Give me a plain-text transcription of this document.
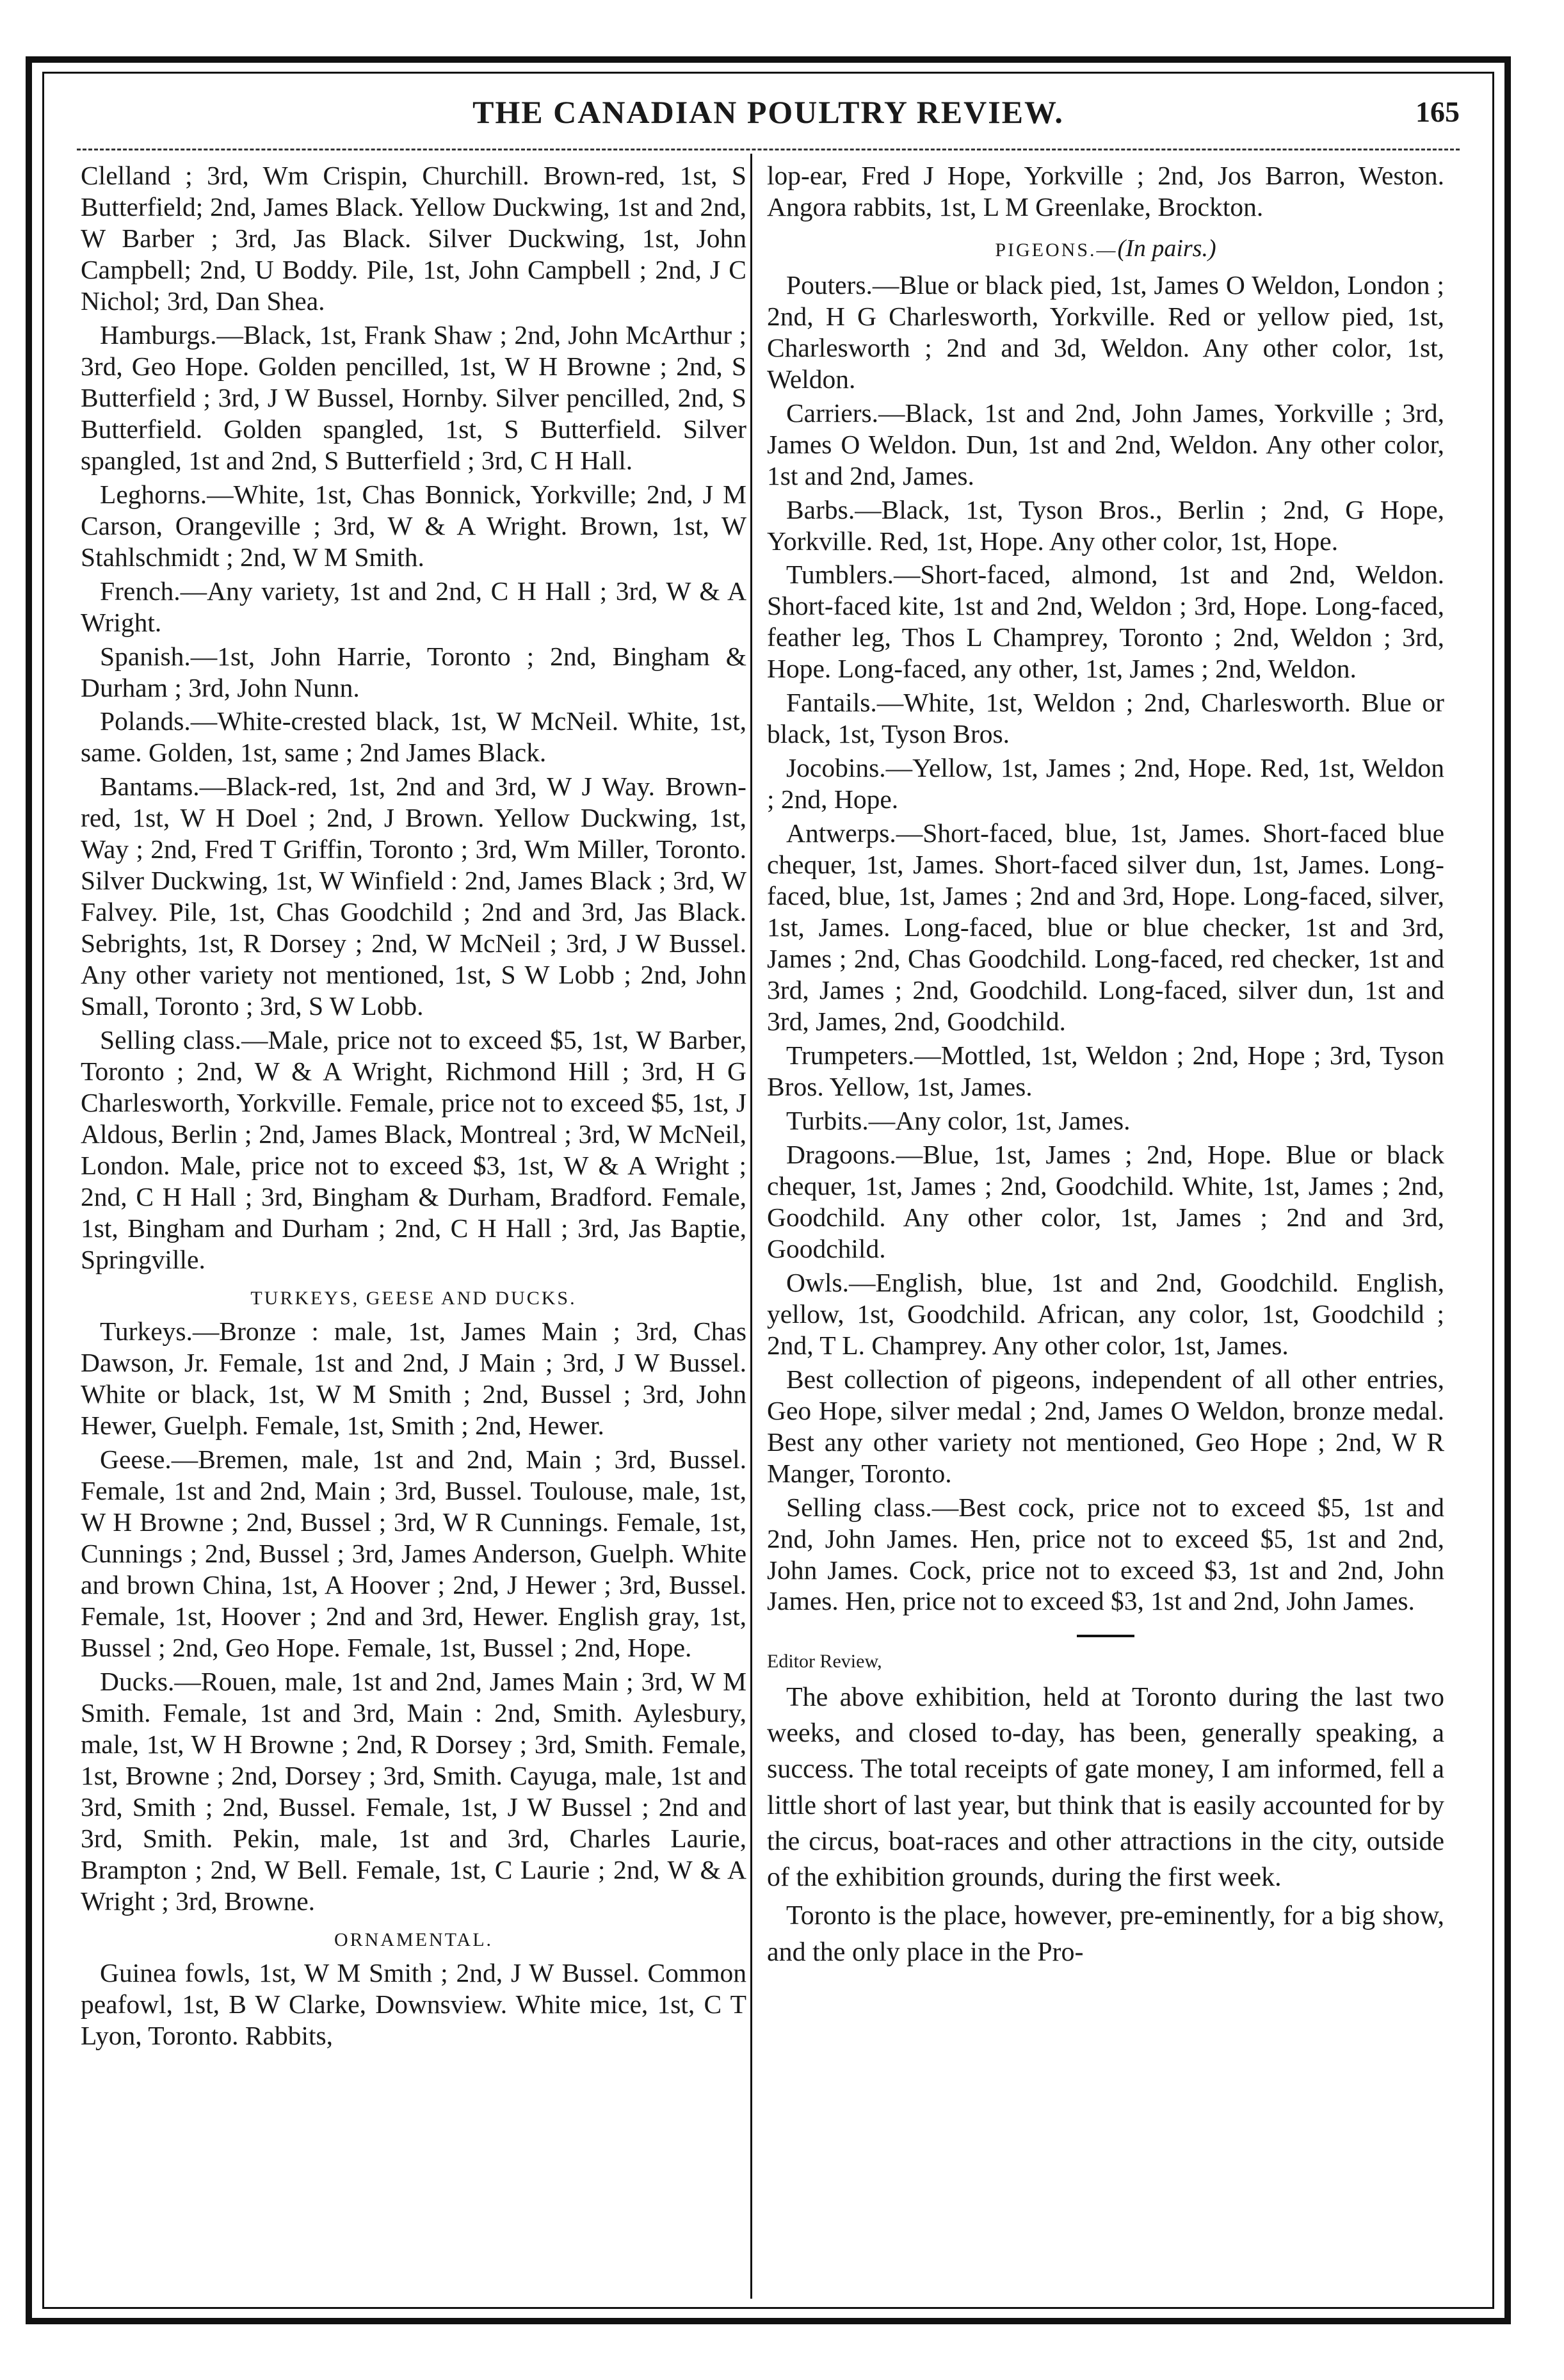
THE CANADIAN POULTRY REVIEW.	165

Clelland ; 3rd, Wm Crispin, Churchill. Brown-red, 1st, S Butterfield; 2nd, James Black. Yellow Duckwing, 1st and 2nd, W Barber ; 3rd, Jas Black. Silver Duckwing, 1st, John Campbell; 2nd, U Boddy. Pile, 1st, John Campbell ; 2nd, J C Nichol; 3rd, Dan Shea.

Hamburgs.—Black, 1st, Frank Shaw ; 2nd, John McArthur ; 3rd, Geo Hope. Golden pencilled, 1st, W H Browne ; 2nd, S Butterfield ; 3rd, J W Bussel, Hornby. Silver pencilled, 2nd, S Butterfield. Golden spangled, 1st, S Butterfield. Silver spangled, 1st and 2nd, S Butterfield ; 3rd, C H Hall.

Leghorns.—White, 1st, Chas Bonnick, Yorkville; 2nd, J M Carson, Orangeville ; 3rd, W & A Wright. Brown, 1st, W Stahlschmidt ; 2nd, W M Smith.

French.—Any variety, 1st and 2nd, C H Hall ; 3rd, W & A Wright.

Spanish.—1st, John Harrie, Toronto ; 2nd, Bingham & Durham ; 3rd, John Nunn.

Polands.—White-crested black, 1st, W McNeil. White, 1st, same. Golden, 1st, same ; 2nd James Black.

Bantams.—Black-red, 1st, 2nd and 3rd, W J Way. Brown-red, 1st, W H Doel ; 2nd, J Brown. Yellow Duckwing, 1st, Way ; 2nd, Fred T Griffin, Toronto ; 3rd, Wm Miller, Toronto. Silver Duckwing, 1st, W Winfield : 2nd, James Black ; 3rd, W Falvey. Pile, 1st, Chas Goodchild ; 2nd and 3rd, Jas Black. Sebrights, 1st, R Dorsey ; 2nd, W McNeil ; 3rd, J W Bussel. Any other variety not mentioned, 1st, S W Lobb ; 2nd, John Small, Toronto ; 3rd, S W Lobb.

Selling class.—Male, price not to exceed $5, 1st, W Barber, Toronto ; 2nd, W & A Wright, Richmond Hill ; 3rd, H G Charlesworth, Yorkville. Female, price not to exceed $5, 1st, J Aldous, Berlin ; 2nd, James Black, Montreal ; 3rd, W McNeil, London. Male, price not to exceed $3, 1st, W & A Wright ; 2nd, C H Hall ; 3rd, Bingham & Durham, Bradford. Female, 1st, Bingham and Durham ; 2nd, C H Hall ; 3rd, Jas Baptie, Springville.

TURKEYS, GEESE AND DUCKS.

Turkeys.—Bronze : male, 1st, James Main ; 3rd, Chas Dawson, Jr. Female, 1st and 2nd, J Main ; 3rd, J W Bussel. White or black, 1st, W M Smith ; 2nd, Bussel ; 3rd, John Hewer, Guelph. Female, 1st, Smith ; 2nd, Hewer.

Geese.—Bremen, male, 1st and 2nd, Main ; 3rd, Bussel. Female, 1st and 2nd, Main ; 3rd, Bussel. Toulouse, male, 1st, W H Browne ; 2nd, Bussel ; 3rd, W R Cunnings. Female, 1st, Cunnings ; 2nd, Bussel ; 3rd, James Anderson, Guelph. White and brown China, 1st, A Hoover ; 2nd, J Hewer ; 3rd, Bussel. Female, 1st, Hoover ; 2nd and 3rd, Hewer. English gray, 1st, Bussel ; 2nd, Geo Hope. Female, 1st, Bussel ; 2nd, Hope.

Ducks.—Rouen, male, 1st and 2nd, James Main ; 3rd, W M Smith. Female, 1st and 3rd, Main : 2nd, Smith. Aylesbury, male, 1st, W H Browne ; 2nd, R Dorsey ; 3rd, Smith. Female, 1st, Browne ; 2nd, Dorsey ; 3rd, Smith. Cayuga, male, 1st and 3rd, Smith ; 2nd, Bussel. Female, 1st, J W Bussel ; 2nd and 3rd, Smith. Pekin, male, 1st and 3rd, Charles Laurie, Brampton ; 2nd, W Bell. Female, 1st, C Laurie ; 2nd, W & A Wright ; 3rd, Browne.

ORNAMENTAL.

Guinea fowls, 1st, W M Smith ; 2nd, J W Bussel. Common peafowl, 1st, B W Clarke, Downsview. White mice, 1st, C T Lyon, Toronto. Rabbits,

lop-ear, Fred J Hope, Yorkville ; 2nd, Jos Barron, Weston. Angora rabbits, 1st, L M Greenlake, Brockton.

PIGEONS.—(In pairs.)

Pouters.—Blue or black pied, 1st, James O Weldon, London ; 2nd, H G Charlesworth, Yorkville. Red or yellow pied, 1st, Charlesworth ; 2nd and 3d, Weldon. Any other color, 1st, Weldon.

Carriers.—Black, 1st and 2nd, John James, Yorkville ; 3rd, James O Weldon. Dun, 1st and 2nd, Weldon. Any other color, 1st and 2nd, James.

Barbs.—Black, 1st, Tyson Bros., Berlin ; 2nd, G Hope, Yorkville. Red, 1st, Hope. Any other color, 1st, Hope.

Tumblers.—Short-faced, almond, 1st and 2nd, Weldon. Short-faced kite, 1st and 2nd, Weldon ; 3rd, Hope. Long-faced, feather leg, Thos L Champrey, Toronto ; 2nd, Weldon ; 3rd, Hope. Long-faced, any other, 1st, James ; 2nd, Weldon.

Fantails.—White, 1st, Weldon ; 2nd, Charlesworth. Blue or black, 1st, Tyson Bros.

Jocobins.—Yellow, 1st, James ; 2nd, Hope. Red, 1st, Weldon ; 2nd, Hope.

Antwerps.—Short-faced, blue, 1st, James. Short-faced blue chequer, 1st, James. Short-faced silver dun, 1st, James. Long-faced, blue, 1st, James ; 2nd and 3rd, Hope. Long-faced, silver, 1st, James. Long-faced, blue or blue checker, 1st and 3rd, James ; 2nd, Chas Goodchild. Long-faced, red checker, 1st and 3rd, James ; 2nd, Goodchild. Long-faced, silver dun, 1st and 3rd, James, 2nd, Goodchild.

Trumpeters.—Mottled, 1st, Weldon ; 2nd, Hope ; 3rd, Tyson Bros. Yellow, 1st, James.

Turbits.—Any color, 1st, James.

Dragoons.—Blue, 1st, James ; 2nd, Hope. Blue or black chequer, 1st, James ; 2nd, Goodchild. White, 1st, James ; 2nd, Goodchild. Any other color, 1st, James ; 2nd and 3rd, Goodchild.

Owls.—English, blue, 1st and 2nd, Goodchild. English, yellow, 1st, Goodchild. African, any color, 1st, Goodchild ; 2nd, T L. Champrey. Any other color, 1st, James.

Best collection of pigeons, independent of all other entries, Geo Hope, silver medal ; 2nd, James O Weldon, bronze medal. Best any other variety not mentioned, Geo Hope ; 2nd, W R Manger, Toronto.

Selling class.—Best cock, price not to exceed $5, 1st and 2nd, John James. Hen, price not to exceed $5, 1st and 2nd, John James. Cock, price not to exceed $3, 1st and 2nd, John James. Hen, price not to exceed $3, 1st and 2nd, John James.

Editor Review,

The above exhibition, held at Toronto during the last two weeks, and closed to-day, has been, generally speaking, a success. The total receipts of gate money, I am informed, fell a little short of last year, but think that is easily accounted for by the circus, boat-races and other attractions in the city, outside of the exhibition grounds, during the first week.

Toronto is the place, however, pre-eminently, for a big show, and the only place in the Pro-
